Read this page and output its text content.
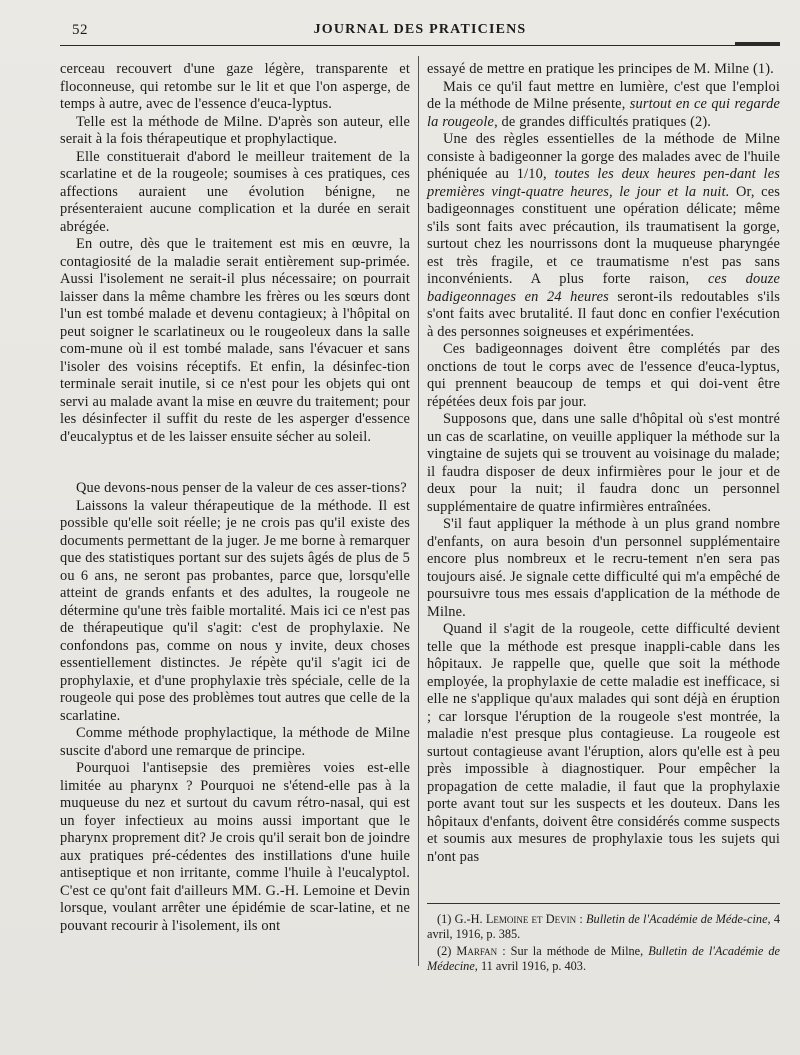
52	JOURNAL DES PRATICIENS

cerceau recouvert d'une gaze légère, transparente et floconneuse, qui retombe sur le lit et que l'on asperge, de temps à autre, avec de l'essence d'euca-lyptus.

Telle est la méthode de Milne. D'après son auteur, elle serait à la fois thérapeutique et prophylactique.

Elle constituerait d'abord le meilleur traitement de la scarlatine et de la rougeole; soumises à ces pratiques, ces affections auraient une évolution bénigne, ne présenteraient aucune complication et la durée en serait abrégée.

En outre, dès que le traitement est mis en œuvre, la contagiosité de la maladie serait entièrement sup-primée. Aussi l'isolement ne serait-il plus nécessaire; on pourrait laisser dans la même chambre les frères ou les sœurs dont l'un est tombé malade et devenu contagieux; à l'hôpital on peut soigner le scarlatineux ou le rougeoleux dans la salle com-mune où il est tombé malade, sans l'évacuer et sans l'isoler des voisins réceptifs. Et enfin, la désinfec-tion terminale serait inutile, si ce n'est pour les objets qui ont servi au malade avant la mise en œuvre du traitement; pour les désinfecter il suffit du reste de les asperger d'essence d'eucalyptus et de les laisser ensuite sécher au soleil.

Que devons-nous penser de la valeur de ces asser-tions?

Laissons la valeur thérapeutique de la méthode. Il est possible qu'elle soit réelle; je ne crois pas qu'il existe des documents permettant de la juger. Je me borne à remarquer que des statistiques portant sur des sujets âgés de plus de 5 ou 6 ans, ne seront pas probantes, parce que, lorsqu'elle atteint de grands enfants et des adultes, la rougeole ne détermine qu'une très faible mortalité. Mais ici ce n'est pas de thérapeutique qu'il s'agit: c'est de prophylaxie. Ne confondons pas, comme on nous y invite, deux choses essentiellement distinctes. Je répète qu'il s'agit ici de prophylaxie, et d'une prophylaxie très spéciale, celle de la rougeole qui pose des problèmes tout autres que celle de la scarlatine.

Comme méthode prophylactique, la méthode de Milne suscite d'abord une remarque de principe.

Pourquoi l'antisepsie des premières voies est-elle limitée au pharynx ? Pourquoi ne s'étend-elle pas à la muqueuse du nez et surtout du cavum rétro-nasal, qui est un foyer infectieux au moins aussi important que le pharynx proprement dit? Je crois qu'il serait bon de joindre aux pratiques pré-cédentes des instillations d'une huile antiseptique et non irritante, comme l'huile à l'eucalyptol. C'est ce qu'ont fait d'ailleurs MM. G.-H. Lemoine et Devin lorsque, voulant arrêter une épidémie de scar-latine, et ne pouvant recourir à l'isolement, ils ont

essayé de mettre en pratique les principes de M. Milne (1).

Mais ce qu'il faut mettre en lumière, c'est que l'emploi de la méthode de Milne présente, surtout en ce qui regarde la rougeole, de grandes difficultés pratiques (2).

Une des règles essentielles de la méthode de Milne consiste à badigeonner la gorge des malades avec de l'huile phéniquée au 1/10, toutes les deux heures pen-dant les premières vingt-quatre heures, le jour et la nuit. Or, ces badigeonnages constituent une opération délicate; même s'ils sont faits avec précaution, ils traumatisent la gorge, surtout chez les nourrissons dont la muqueuse pharyngée est très fragile, et ce traumatisme n'est pas sans inconvénients. A plus forte raison, ces douze badigeonnages en 24 heures seront-ils redoutables s'ils s'ont faits avec brutalité. Il faut donc en confier l'exécution à des personnes soigneuses et expérimentées.

Ces badigeonnages doivent être complétés par des onctions de tout le corps avec de l'essence d'euca-lyptus, qui prennent beaucoup de temps et qui doi-vent être répétées deux fois par jour.

Supposons que, dans une salle d'hôpital où s'est montré un cas de scarlatine, on veuille appliquer la méthode sur la vingtaine de sujets qui se trouvent au voisinage du malade; il faudra disposer de deux infirmières pour le jour et de deux pour la nuit; il faudra donc un personnel supplémentaire de quatre infirmières entraînées.

S'il faut appliquer la méthode à un plus grand nombre d'enfants, on aura besoin d'un personnel supplémentaire encore plus nombreux et le recru-tement n'en sera pas toujours aisé. Je signale cette difficulté qui m'a empêché de poursuivre tous mes essais d'application de la méthode de Milne.

Quand il s'agit de la rougeole, cette difficulté devient telle que la méthode est presque inappli-cable dans les hôpitaux. Je rappelle que, quelle que soit la méthode employée, la prophylaxie de cette maladie est inefficace, si elle ne s'applique qu'aux malades qui sont déjà en éruption ; car lorsque l'éruption de la rougeole s'est montrée, la maladie n'est presque plus contagieuse. La rougeole est surtout contagieuse avant l'éruption, alors qu'elle est à peu près impossible à diagnostiquer. Pour empêcher la propagation de cette maladie, il faut que la prophylaxie porte avant tout sur les suspects et les douteux. Dans les hôpitaux d'enfants, doivent être considérés comme suspects et soumis aux mesures de prophylaxie tous les sujets qui n'ont pas

(1) G.-H. Lemoine et Devin : Bulletin de l'Académie de Méde-cine, 4 avril, 1916, p. 385.

(2) Marfan : Sur la méthode de Milne, Bulletin de l'Académie de Médecine, 11 avril 1916, p. 403.
